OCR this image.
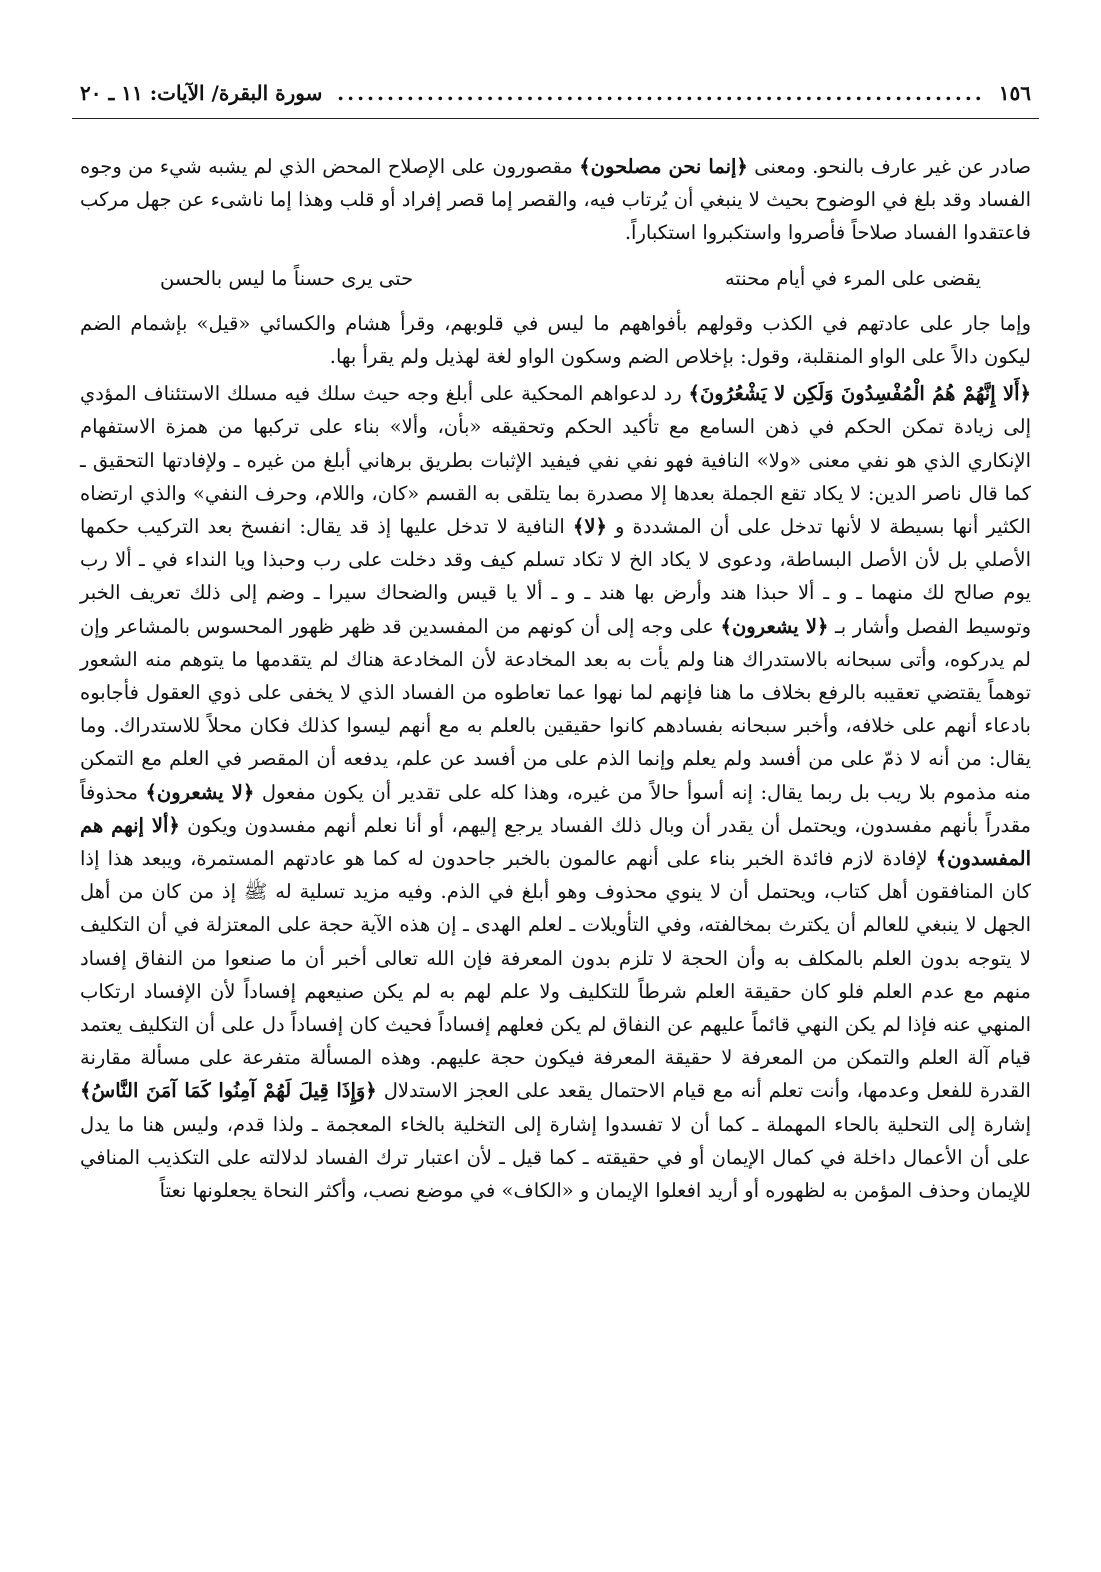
١٥٦
.....
سورة البقرة/ الآيات: ١١ ـ ٢٠

صادر عن غير عارف بالنحو. ومعنى ﴿إنما نحن مصلحون﴾ مقصورون على الإصلاح المحض الذي لم يشبه شيء من وجوه الفساد وقد بلغ في الوضوح بحيث لا ينبغي أن يُرتاب فيه، والقصر إما قصر إفراد أو قلب وهذا إما ناشىء عن جهل مركب فاعتقدوا الفساد صلاحاً فأصروا واستكبروا استكباراً.

يقضى على المرء في أيام محنته
حتى يرى حسناً ما ليس بالحسن

وإما جار على عادتهم في الكذب وقولهم بأفواههم ما ليس في قلوبهم، وقرأ هشام والكسائي «قيل» بإشمام الضم ليكون دالاً على الواو المنقلبة، وقول: بإخلاص الضم وسكون الواو لغة لهذيل ولم يقرأ بها.

﴿أَلا إِنَّهُمْ هُمُ الْمُفْسِدُونَ وَلَكِن لا يَشْعُرُونَ﴾ رد لدعواهم المحكية على أبلغ وجه حيث سلك فيه مسلك الاستئناف المؤدي إلى زيادة تمكن الحكم في ذهن السامع مع تأكيد الحكم وتحقيقه «بأن، وألا» بناء على تركبها من همزة الاستفهام الإنكاري الذي هو نفي معنى «ولا» النافية فهو نفي نفي فيفيد الإثبات بطريق برهاني أبلغ من غيره ـ ولإفادتها التحقيق ـ كما قال ناصر الدين: لا يكاد تقع الجملة بعدها إلا مصدرة بما يتلقى به القسم «كان، واللام، وحرف النفي» والذي ارتضاه الكثير أنها بسيطة لا لأنها تدخل على أن المشددة و ﴿لا﴾ النافية لا تدخل عليها إذ قد يقال: انفسخ بعد التركيب حكمها الأصلي بل لأن الأصل البساطة، ودعوى لا يكاد الخ لا تكاد تسلم كيف وقد دخلت على رب وحبذا ويا النداء في ـ ألا رب يوم صالح لك منهما ـ و ـ ألا حبذا هند وأرض بها هند ـ و ـ ألا يا قيس والضحاك سيرا ـ وضم إلى ذلك تعريف الخبر وتوسيط الفصل وأشار بـ ﴿لا يشعرون﴾ على وجه إلى أن كونهم من المفسدين قد ظهر ظهور المحسوس بالمشاعر وإن لم يدركوه، وأتى سبحانه بالاستدراك هنا ولم يأت به بعد المخادعة لأن المخادعة هناك لم يتقدمها ما يتوهم منه الشعور توهماً يقتضي تعقيبه بالرفع بخلاف ما هنا فإنهم لما نهوا عما تعاطوه من الفساد الذي لا يخفى على ذوي العقول فأجابوه بادعاء أنهم على خلافه، وأخبر سبحانه بفسادهم كانوا حقيقين بالعلم به مع أنهم ليسوا كذلك فكان محلاً للاستدراك. وما يقال: من أنه لا ذمّ على من أفسد ولم يعلم وإنما الذم على من أفسد عن علم، يدفعه أن المقصر في العلم مع التمكن منه مذموم بلا ريب بل ربما يقال: إنه أسوأ حالاً من غيره، وهذا كله على تقدير أن يكون مفعول ﴿لا يشعرون﴾ محذوفاً مقدراً بأنهم مفسدون، ويحتمل أن يقدر أن وبال ذلك الفساد يرجع إليهم، أو أنا نعلم أنهم مفسدون ويكون ﴿ألا إنهم هم المفسدون﴾ لإفادة لازم فائدة الخبر بناء على أنهم عالمون بالخبر جاحدون له كما هو عادتهم المستمرة، ويبعد هذا إذا كان المنافقون أهل كتاب، ويحتمل أن لا ينوي محذوف وهو أبلغ في الذم. وفيه مزيد تسلية له ﷺ إذ من كان من أهل الجهل لا ينبغي للعالم أن يكترث بمخالفته، وفي التأويلات ـ لعلم الهدى ـ إن هذه الآية حجة على المعتزلة في أن التكليف لا يتوجه بدون العلم بالمكلف به وأن الحجة لا تلزم بدون المعرفة فإن الله تعالى أخبر أن ما صنعوا من النفاق إفساد منهم مع عدم العلم فلو كان حقيقة العلم شرطاً للتكليف ولا علم لهم به لم يكن صنيعهم إفساداً لأن الإفساد ارتكاب المنهي عنه فإذا لم يكن النهي قائماً عليهم عن النفاق لم يكن فعلهم إفساداً فحيث كان إفساداً دل على أن التكليف يعتمد قيام آلة العلم والتمكن من المعرفة لا حقيقة المعرفة فيكون حجة عليهم. وهذه المسألة متفرعة على مسألة مقارنة القدرة للفعل وعدمها، وأنت تعلم أنه مع قيام الاحتمال يقعد على العجز الاستدلال ﴿وَإِذَا قِيلَ لَهُمْ آمِنُوا كَمَا آمَنَ النَّاسُ﴾ إشارة إلى التحلية بالحاء المهملة ـ كما أن لا تفسدوا إشارة إلى التخلية بالخاء المعجمة ـ ولذا قدم، وليس هنا ما يدل على أن الأعمال داخلة في كمال الإيمان أو في حقيقته ـ كما قيل ـ لأن اعتبار ترك الفساد لدلالته على التكذيب المنافي للإيمان وحذف المؤمن به لظهوره أو أريد افعلوا الإيمان و «الكاف» في موضع نصب، وأكثر النحاة يجعلونها نعتاً
